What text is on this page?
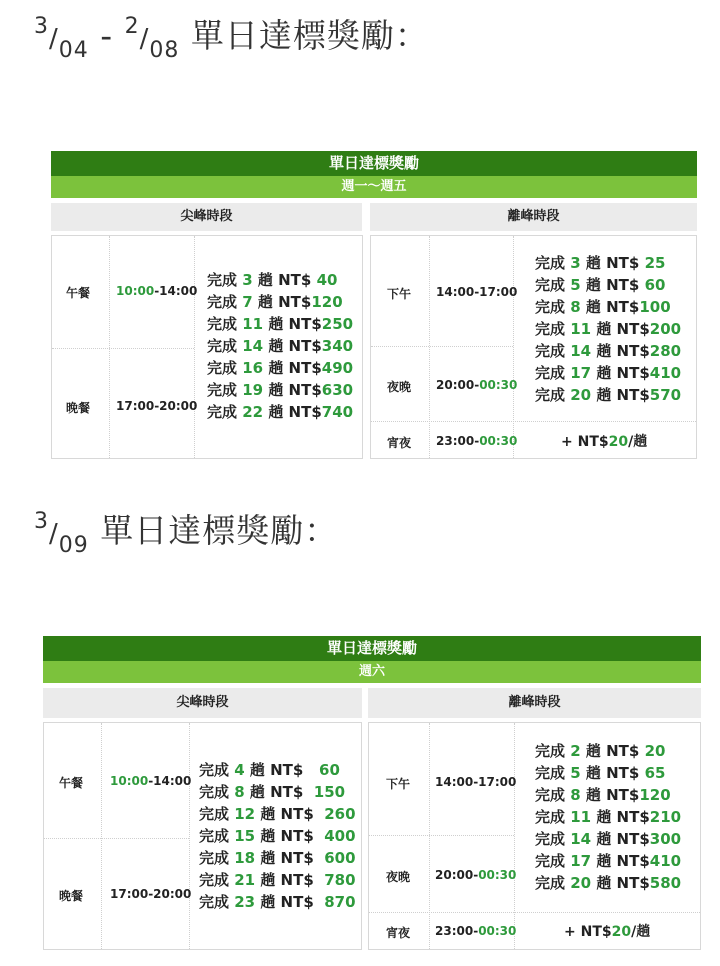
$^3/_{04} - ^2/_{08}$ 單日達標獎勵：
單日達標獎勵
週一～週五
尖峰時段
午餐 10:00-14:00
晚餐 17:00-20:00
完成 3 趟 NT$ 40
完成 7 趟 NT$120
完成 11 趟 NT$250
完成 14 趟 NT$340
完成 16 趟 NT$490
完成 19 趟 NT$630
完成 22 趟 NT$740
離峰時段
下午 14:00-17:00
夜晚 20:00-00:30
宵夜 23:00-00:30
完成 3 趟 NT$ 25
完成 5 趟 NT$ 60
完成 8 趟 NT$100
完成 11 趟 NT$200
完成 14 趟 NT$280
完成 17 趟 NT$410
完成 20 趟 NT$570
+ NT$20/趟
$^3/_{09}$ 單日達標獎勵：
單日達標獎勵
週六
尖峰時段
午餐 10:00-14:00
晚餐 17:00-20:00
完成 4 趟 NT$   60
完成 8 趟 NT$  150
完成 12 趟 NT$  260
完成 15 趟 NT$  400
完成 18 趟 NT$  600
完成 21 趟 NT$  780
完成 23 趟 NT$  870
離峰時段
下午 14:00-17:00
夜晚 20:00-00:30
宵夜 23:00-00:30
完成 2 趟 NT$ 20
完成 5 趟 NT$ 65
完成 8 趟 NT$120
完成 11 趟 NT$210
完成 14 趟 NT$300
完成 17 趟 NT$410
完成 20 趟 NT$580
+ NT$20/趟
